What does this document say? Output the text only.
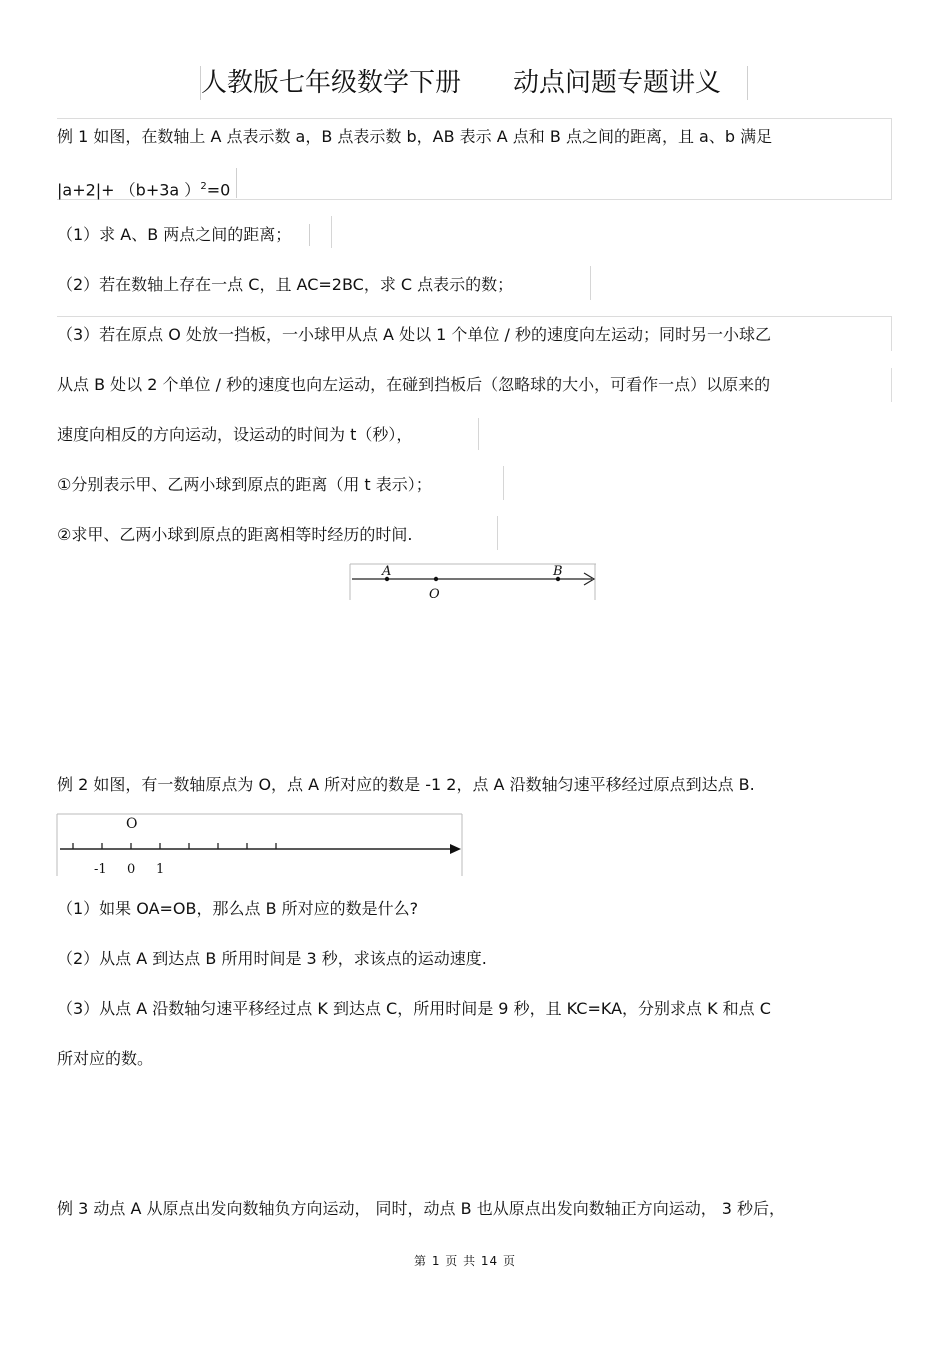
人教版七年级数学下册 动点问题专题讲义
例 1 如图，在数轴上 A 点表示数 a，B 点表示数 b，AB 表示 A 点和 B 点之间的距离，且 a、b 满足
|a+2|+ （b+3a ）$^2$=0
（1）求 A、B 两点之间的距离；
（2）若在数轴上存在一点 C，且 AC=2BC，求 C 点表示的数；
（3）若在原点 O 处放一挡板，一小球甲从点 A 处以 1 个单位 / 秒的速度向左运动；同时另一小球乙
从点 B 处以 2 个单位 / 秒的速度也向左运动，在碰到挡板后（忽略球的大小，可看作一点）以原来的
速度向相反的方向运动，设运动的时间为 t（秒），
①分别表示甲、乙两小球到原点的距离（用 t 表示）；
②求甲、乙两小球到原点的距离相等时经历的时间.
A
O
B
例 2 如图，有一数轴原点为 O，点 A 所对应的数是 -1 2，点 A 沿数轴匀速平移经过原点到达点 B.
O
-1 0 1
（1）如果 OA=OB，那么点 B 所对应的数是什么?
（2）从点 A 到达点 B 所用时间是 3 秒，求该点的运动速度.
（3）从点 A 沿数轴匀速平移经过点 K 到达点 C，所用时间是 9 秒，且 KC=KA，分别求点 K 和点 C
所对应的数。
例 3 动点 A 从原点出发向数轴负方向运动， 同时，动点 B 也从原点出发向数轴正方向运动， 3 秒后，
第 1 页 共 14 页
